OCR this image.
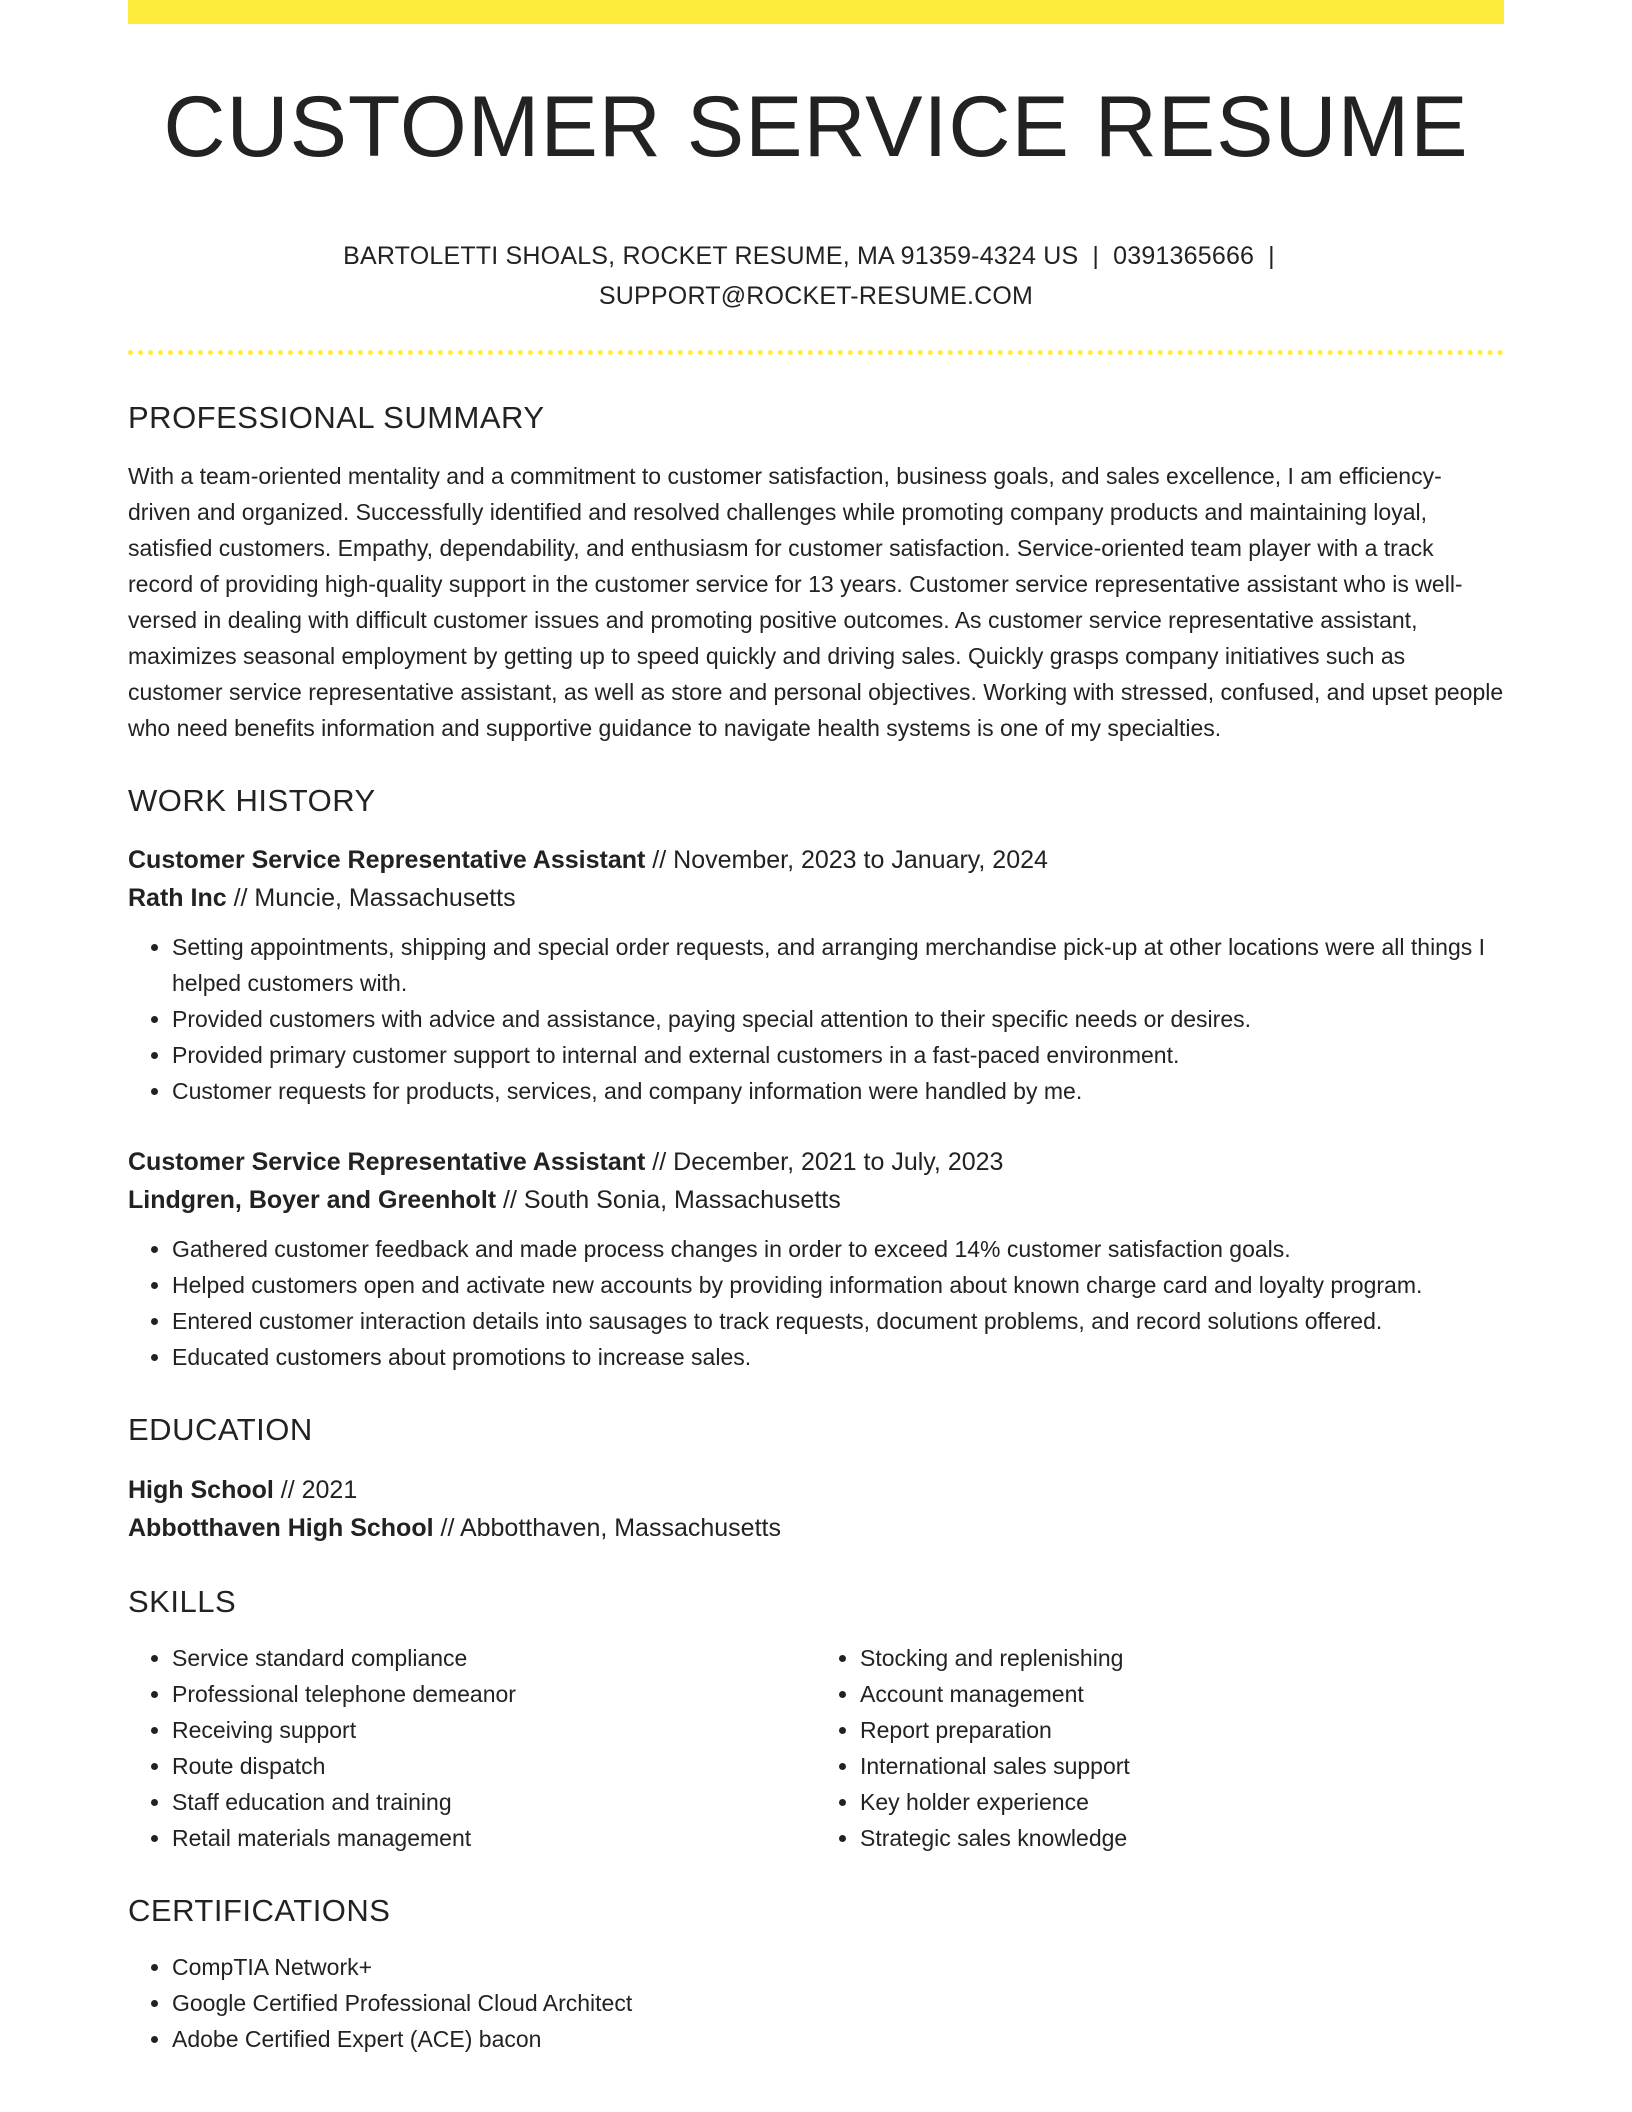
CUSTOMER SERVICE RESUME
BARTOLETTI SHOALS, ROCKET RESUME, MA 91359-4324 US | 0391365666 |
SUPPORT@ROCKET-RESUME.COM
PROFESSIONAL SUMMARY
With a team-oriented mentality and a commitment to customer satisfaction, business goals, and sales excellence, I am efficiency-driven and organized. Successfully identified and resolved challenges while promoting company products and maintaining loyal, satisfied customers. Empathy, dependability, and enthusiasm for customer satisfaction. Service-oriented team player with a track record of providing high-quality support in the customer service for 13 years. Customer service representative assistant who is well-versed in dealing with difficult customer issues and promoting positive outcomes. As customer service representative assistant, maximizes seasonal employment by getting up to speed quickly and driving sales. Quickly grasps company initiatives such as customer service representative assistant, as well as store and personal objectives. Working with stressed, confused, and upset people who need benefits information and supportive guidance to navigate health systems is one of my specialties.
WORK HISTORY
Customer Service Representative Assistant // November, 2023 to January, 2024
Rath Inc // Muncie, Massachusetts
• Setting appointments, shipping and special order requests, and arranging merchandise pick-up at other locations were all things I helped customers with.
• Provided customers with advice and assistance, paying special attention to their specific needs or desires.
• Provided primary customer support to internal and external customers in a fast-paced environment.
• Customer requests for products, services, and company information were handled by me.
Customer Service Representative Assistant // December, 2021 to July, 2023
Lindgren, Boyer and Greenholt // South Sonia, Massachusetts
• Gathered customer feedback and made process changes in order to exceed 14% customer satisfaction goals.
• Helped customers open and activate new accounts by providing information about known charge card and loyalty program.
• Entered customer interaction details into sausages to track requests, document problems, and record solutions offered.
• Educated customers about promotions to increase sales.
EDUCATION
High School // 2021
Abbotthaven High School // Abbotthaven, Massachusetts
SKILLS
• Service standard compliance
• Professional telephone demeanor
• Receiving support
• Route dispatch
• Staff education and training
• Retail materials management
• Stocking and replenishing
• Account management
• Report preparation
• International sales support
• Key holder experience
• Strategic sales knowledge
CERTIFICATIONS
• CompTIA Network+
• Google Certified Professional Cloud Architect
• Adobe Certified Expert (ACE) bacon
